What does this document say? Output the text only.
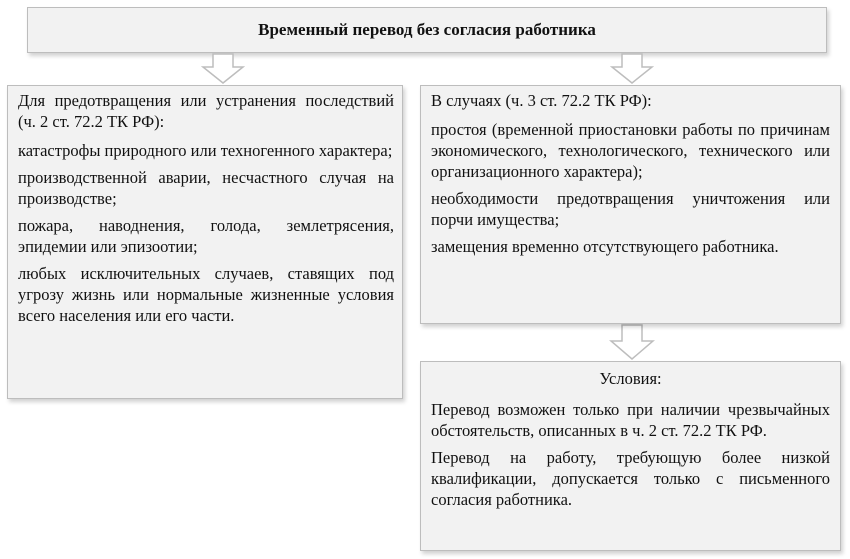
Временный перевод без согласия работника

Для предотвращения или устранения последствий (ч. 2 ст. 72.2 ТК РФ):

катастрофы природного или техногенного характера;

производственной аварии, несчастного случая на производстве;

пожара, наводнения, голода, землетрясения, эпидемии или эпизоотии;

любых исключительных случаев, ставящих под угрозу жизнь или нормальные жизненные условия всего населения или его части.

В случаях (ч. 3 ст. 72.2 ТК РФ):

простоя (временной приостановки работы по причинам экономического, технологического, технического или организационного характера);

необходимости предотвращения уничтожения или порчи имущества;

замещения временно отсутствующего работника.

Условия:

Перевод возможен только при наличии чрезвычайных обстоятельств, описанных в ч. 2 ст. 72.2 ТК РФ.

Перевод на работу, требующую более низкой квалификации, допускается только с письменного согласия работника.
